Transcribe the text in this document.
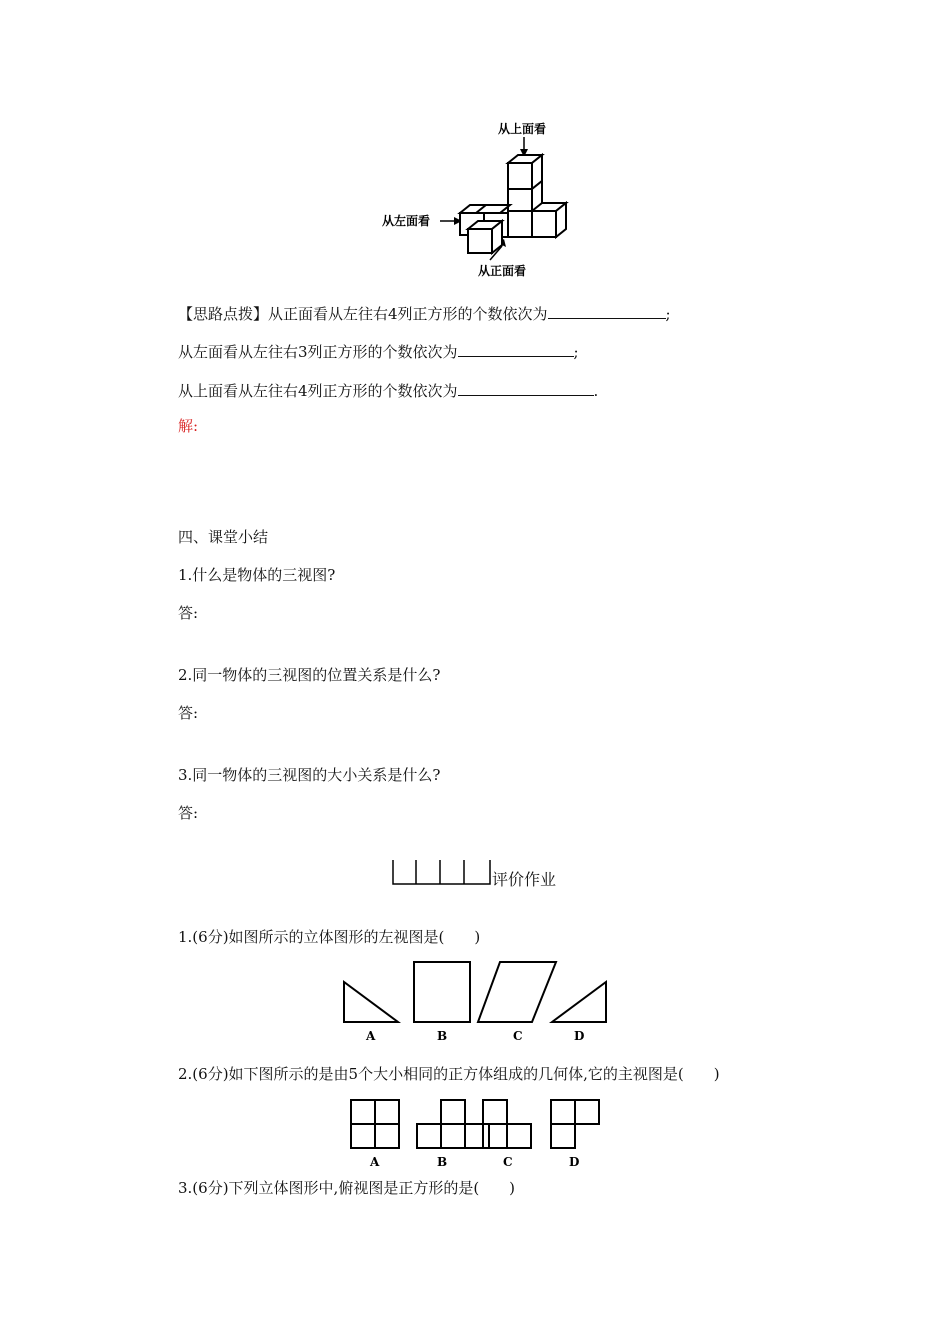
从上面看
从左面看
从正面看
【思路点拨】从正面看从左往右4列正方形的个数依次为	;
从左面看从左往右3列正方形的个数依次为	;
从上面看从左往右4列正方形的个数依次为	.
解:
四、课堂小结
1.什么是物体的三视图?
答:
2.同一物体的三视图的位置关系是什么?
答:
3.同一物体的三视图的大小关系是什么?
答:
评价作业
1.(6分)如图所示的立体图形的左视图是(　　)
A	B	C	D
2.(6分)如下图所示的是由5个大小相同的正方体组成的几何体,它的主视图是(　　)
A	B	C	D
3.(6分)下列立体图形中,俯视图是正方形的是(　　)
